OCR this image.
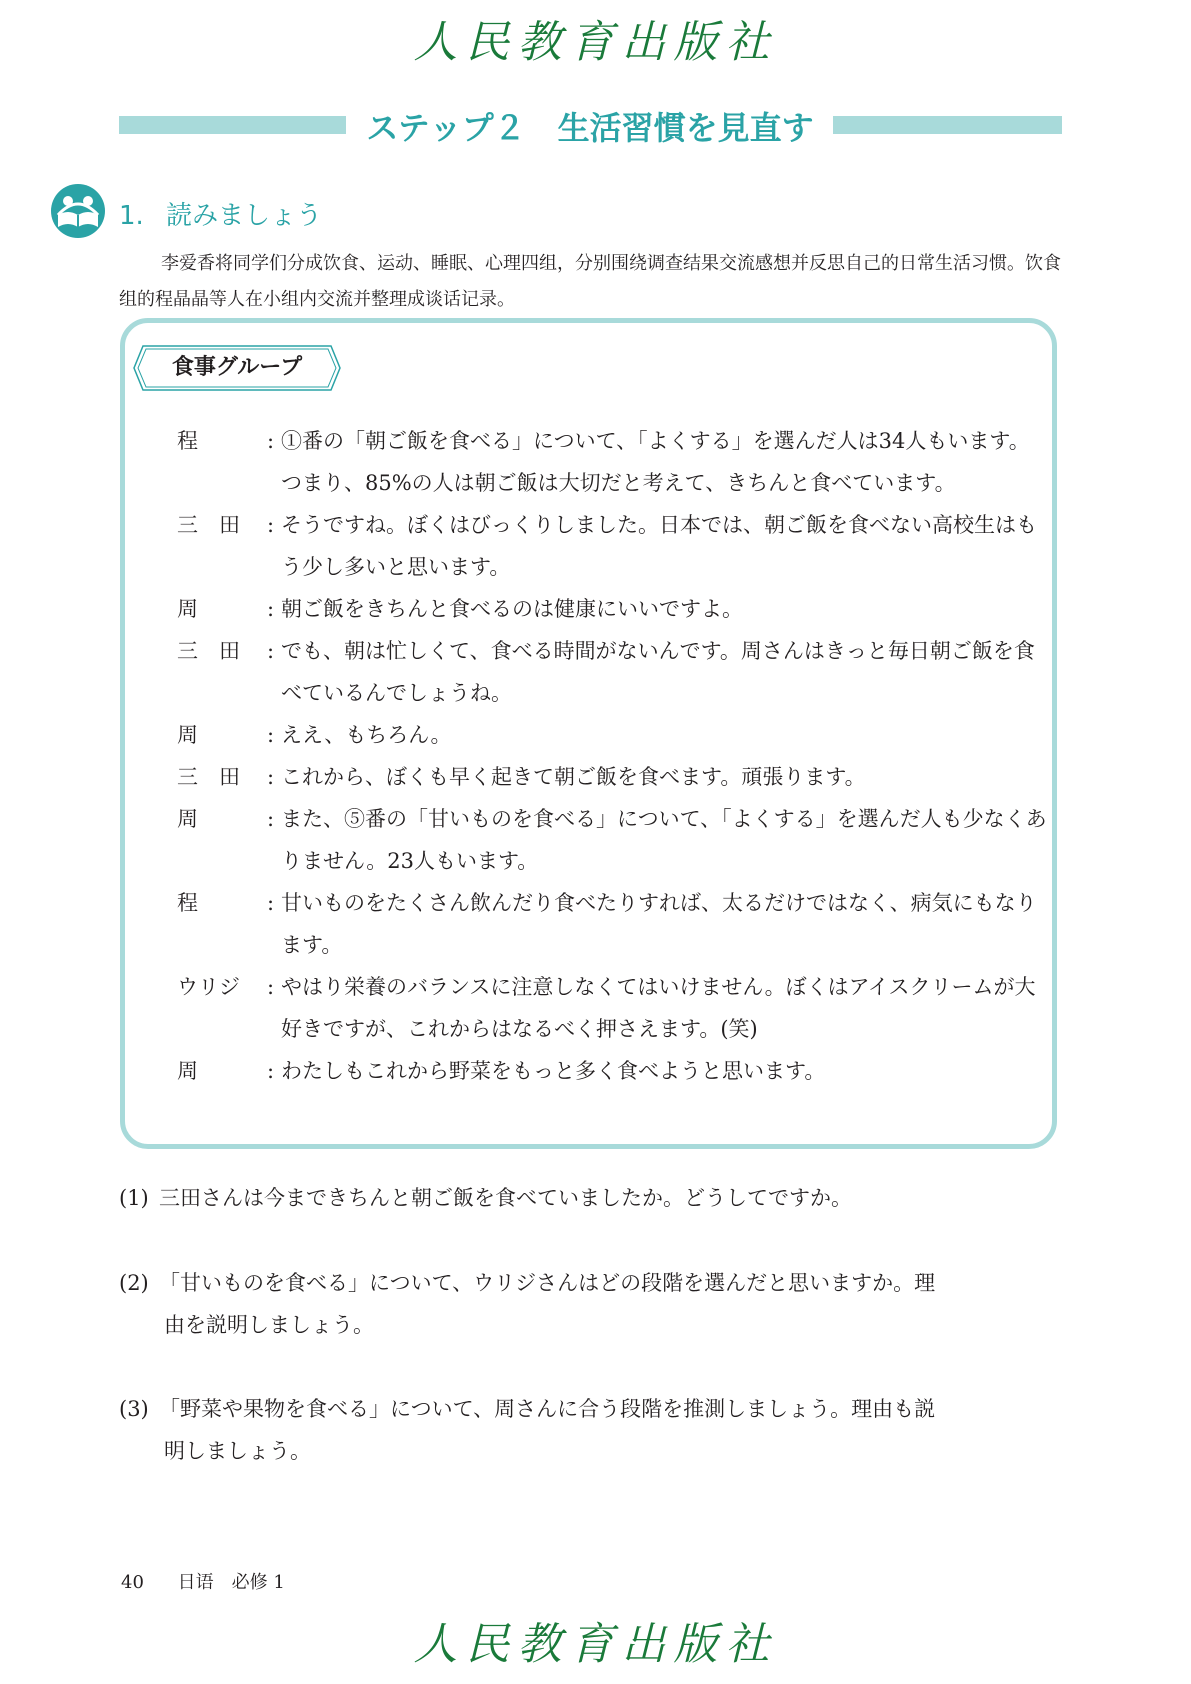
人民教育出版社
ステップ２　生活習慣を見直す
1. 読みましょう
李爱香将同学们分成饮食、运动、睡眠、心理四组，分别围绕调查结果交流感想并反思自己的日常生活习惯。饮食组的程晶晶等人在小组内交流并整理成谈话记录。
食事グループ
程	: ①番の「朝ご飯を食べる」について、「よくする」を選んだ人は34人もいます。つまり、85%の人は朝ご飯は大切だと考えて、きちんと食べています。
三　田	: そうですね。ぼくはびっくりしました。日本では、朝ご飯を食べない高校生はもう少し多いと思います。
周	: 朝ご飯をきちんと食べるのは健康にいいですよ。
三　田	: でも、朝は忙しくて、食べる時間がないんです。周さんはきっと毎日朝ご飯を食べているんでしょうね。
周	: ええ、もちろん。
三　田	: これから、ぼくも早く起きて朝ご飯を食べます。頑張ります。
周	: また、⑤番の「甘いものを食べる」について、「よくする」を選んだ人も少なくありません。23人もいます。
程	: 甘いものをたくさん飲んだり食べたりすれば、太るだけではなく、病気にもなります。
ウリジ	: やはり栄養のバランスに注意しなくてはいけません。ぼくはアイスクリームが大好きですが、これからはなるべく押さえます。(笑)
周	: わたしもこれから野菜をもっと多く食べようと思います。
(1) 三田さんは今まできちんと朝ご飯を食べていましたか。どうしてですか。
(2) 「甘いものを食べる」について、ウリジさんはどの段階を選んだと思いますか。理
由を説明しましょう。
(3) 「野菜や果物を食べる」について、周さんに合う段階を推測しましょう。理由も説
明しましょう。
40 日语　必修 1
人民教育出版社
